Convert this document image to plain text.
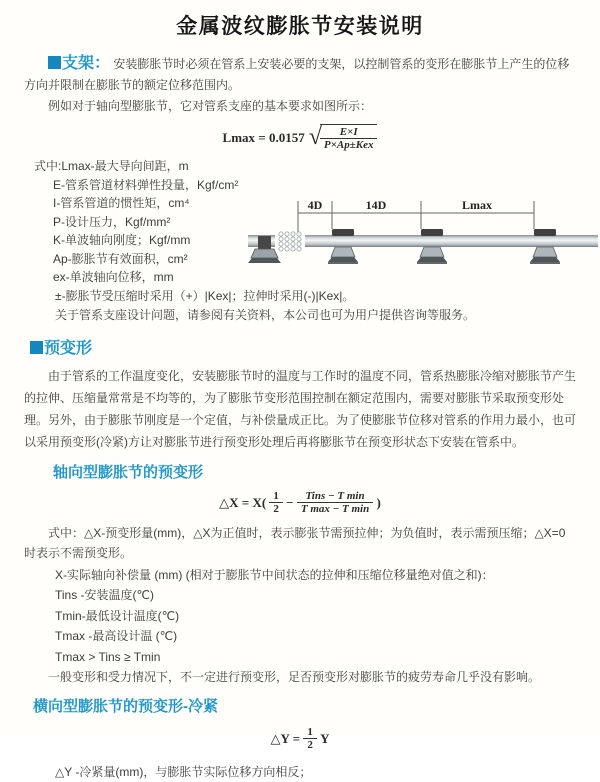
金属波纹膨胀节安装说明

支架： 安装膨胀节时必须在管系上安装必要的支架，以控制管系的变形在膨胀节上产生的位移方向并限制在膨胀节的额定位移范围内。

例如对于轴向型膨胀节，它对管系支座的基本要求如图所示：

Lmax = 0.0157 √
$\frac{E\times I}{\text{P×Ap±Kex}}$
式中:Lmax-最大导向间距，m
E-管系管道材料弹性投量，Kgf/cm²
I-管系管道的惯性矩，cm⁴
P-设计压力，Kgf/mm²
K-单波轴向刚度；Kgf/mm
Ap-膨胀节有效面积，cm²
ex-单波轴向位移，mm
±-膨胀节受压缩时采用（+）|Kex|；拉伸时采用(-)|Kex|。
关于管系支座设计问题，请参阅有关资料，本公司也可为用户提供咨询等服务。
4D	14D	Lmax
预变形

由于管系的工作温度变化，安装膨胀节时的温度与工作时的温度不同，管系热膨胀冷缩对膨胀节产生的拉伸、压缩量常常是不均等的，为了膨胀节变形范围控制在额定范围内，需要对膨胀节采取预变形处理。另外，由于膨胀节刚度是一个定值，与补偿量成正比。为了使膨胀节位移对管系的作用力最小，也可以采用预变形(冷紧)方让对膨胀节进行预变形处理后再将膨胀节在预变形状态下安装在管系中。

轴向型膨胀节的预变形
△X = $X( \frac{1}{2} - \frac{\text{Tins − T min}}{\text{T max − T min}}$ )

式中：△X-预变形量(mm)，△X为正值时，表示膨张节需预拉伸；为负值时，表示需预压缩；△X=0时表示不需预变形。

X-实际轴向补偿量 (mm) (相对于膨胀节中间状态的拉伸和压缩位移量绝对值之和)：
Tins -安装温度(℃)
Tmin-最低设计温度(℃)
Tmax -最高设计温 (℃)
Tmax > Tins ≥ Tmin

一般变形和受力情况下，不一定进行预变形，足否预变形对膨胀节的疲劳寿命几乎没有影响。

横向型膨胀节的预变形-冷紧
△Y = $\frac{1}{2}$ Y
△Y -冷紧量(mm)，与膨胀节实际位移方向相反；
